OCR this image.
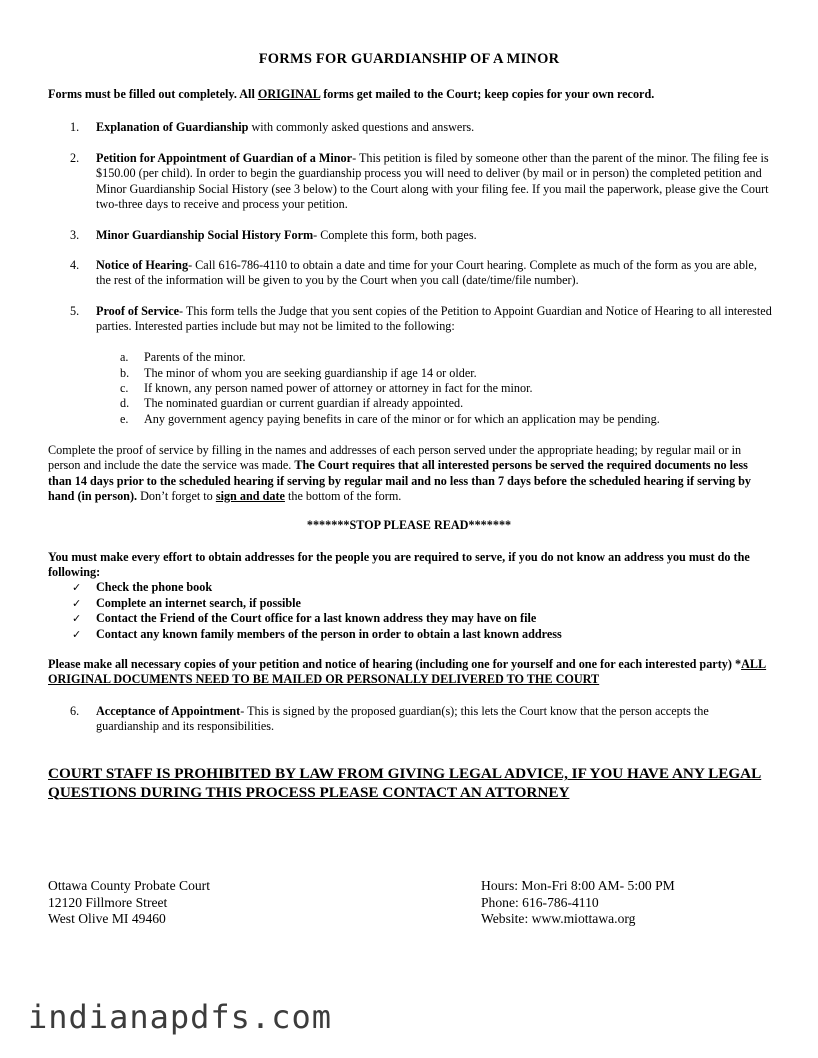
FORMS FOR GUARDIANSHIP OF A MINOR
Forms must be filled out completely. All ORIGINAL forms get mailed to the Court; keep copies for your own record.
1. Explanation of Guardianship with commonly asked questions and answers.
2. Petition for Appointment of Guardian of a Minor- This petition is filed by someone other than the parent of the minor. The filing fee is $150.00 (per child). In order to begin the guardianship process you will need to deliver (by mail or in person) the completed petition and Minor Guardianship Social History (see 3 below) to the Court along with your filing fee. If you mail the paperwork, please give the Court two-three days to receive and process your petition.
3. Minor Guardianship Social History Form- Complete this form, both pages.
4. Notice of Hearing- Call 616-786-4110 to obtain a date and time for your Court hearing. Complete as much of the form as you are able, the rest of the information will be given to you by the Court when you call (date/time/file number).
5. Proof of Service- This form tells the Judge that you sent copies of the Petition to Appoint Guardian and Notice of Hearing to all interested parties. Interested parties include but may not be limited to the following:
a. Parents of the minor.
b. The minor of whom you are seeking guardianship if age 14 or older.
c. If known, any person named power of attorney or attorney in fact for the minor.
d. The nominated guardian or current guardian if already appointed.
e. Any government agency paying benefits in care of the minor or for which an application may be pending.
Complete the proof of service by filling in the names and addresses of each person served under the appropriate heading; by regular mail or in person and include the date the service was made. The Court requires that all interested persons be served the required documents no less than 14 days prior to the scheduled hearing if serving by regular mail and no less than 7 days before the scheduled hearing if serving by hand (in person). Don’t forget to sign and date the bottom of the form.
*******STOP PLEASE READ*******
You must make every effort to obtain addresses for the people you are required to serve, if you do not know an address you must do the following:
✓ Check the phone book
✓ Complete an internet search, if possible
✓ Contact the Friend of the Court office for a last known address they may have on file
✓ Contact any known family members of the person in order to obtain a last known address
Please make all necessary copies of your petition and notice of hearing (including one for yourself and one for each interested party) *ALL ORIGINAL DOCUMENTS NEED TO BE MAILED OR PERSONALLY DELIVERED TO THE COURT
6. Acceptance of Appointment- This is signed by the proposed guardian(s); this lets the Court know that the person accepts the guardianship and its responsibilities.
COURT STAFF IS PROHIBITED BY LAW FROM GIVING LEGAL ADVICE, IF YOU HAVE ANY LEGAL QUESTIONS DURING THIS PROCESS PLEASE CONTACT AN ATTORNEY
Ottawa County Probate Court
12120 Fillmore Street
West Olive MI 49460
Hours: Mon-Fri 8:00 AM- 5:00 PM
Phone: 616-786-4110
Website: www.miottawa.org
indianapdfs.com
